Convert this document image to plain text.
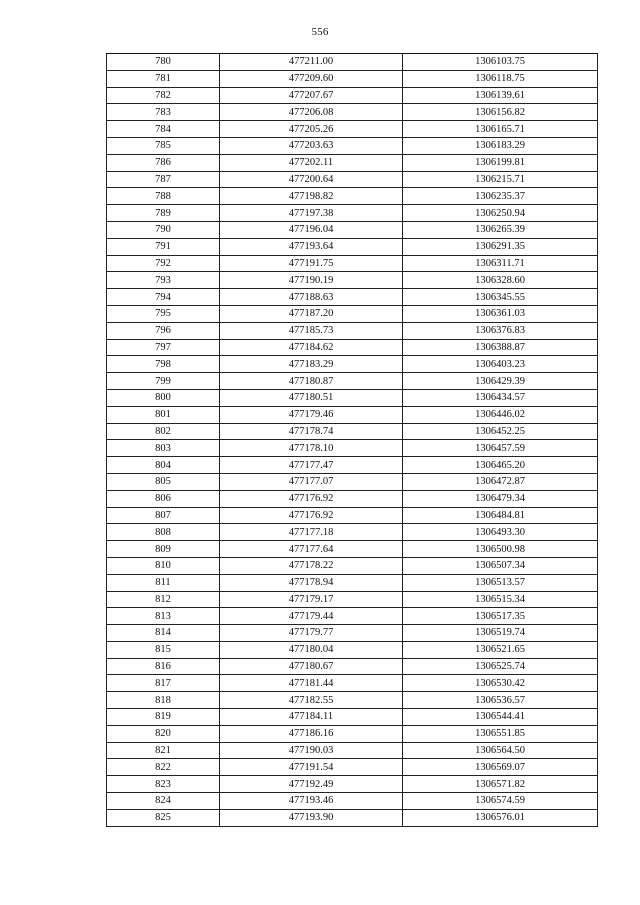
556
780	477211.00	1306103.75
781	477209.60	1306118.75
782	477207.67	1306139.61
783	477206.08	1306156.82
784	477205.26	1306165.71
785	477203.63	1306183.29
786	477202.11	1306199.81
787	477200.64	1306215.71
788	477198.82	1306235.37
789	477197.38	1306250.94
790	477196.04	1306265.39
791	477193.64	1306291.35
792	477191.75	1306311.71
793	477190.19	1306328.60
794	477188.63	1306345.55
795	477187.20	1306361.03
796	477185.73	1306376.83
797	477184.62	1306388.87
798	477183.29	1306403.23
799	477180.87	1306429.39
800	477180.51	1306434.57
801	477179.46	1306446.02
802	477178.74	1306452.25
803	477178.10	1306457.59
804	477177.47	1306465.20
805	477177.07	1306472.87
806	477176.92	1306479.34
807	477176.92	1306484.81
808	477177.18	1306493.30
809	477177.64	1306500.98
810	477178.22	1306507.34
811	477178.94	1306513.57
812	477179.17	1306515.34
813	477179.44	1306517.35
814	477179.77	1306519.74
815	477180.04	1306521.65
816	477180.67	1306525.74
817	477181.44	1306530.42
818	477182.55	1306536.57
819	477184.11	1306544.41
820	477186.16	1306551.85
821	477190.03	1306564.50
822	477191.54	1306569.07
823	477192.49	1306571.82
824	477193.46	1306574.59
825	477193.90	1306576.01
